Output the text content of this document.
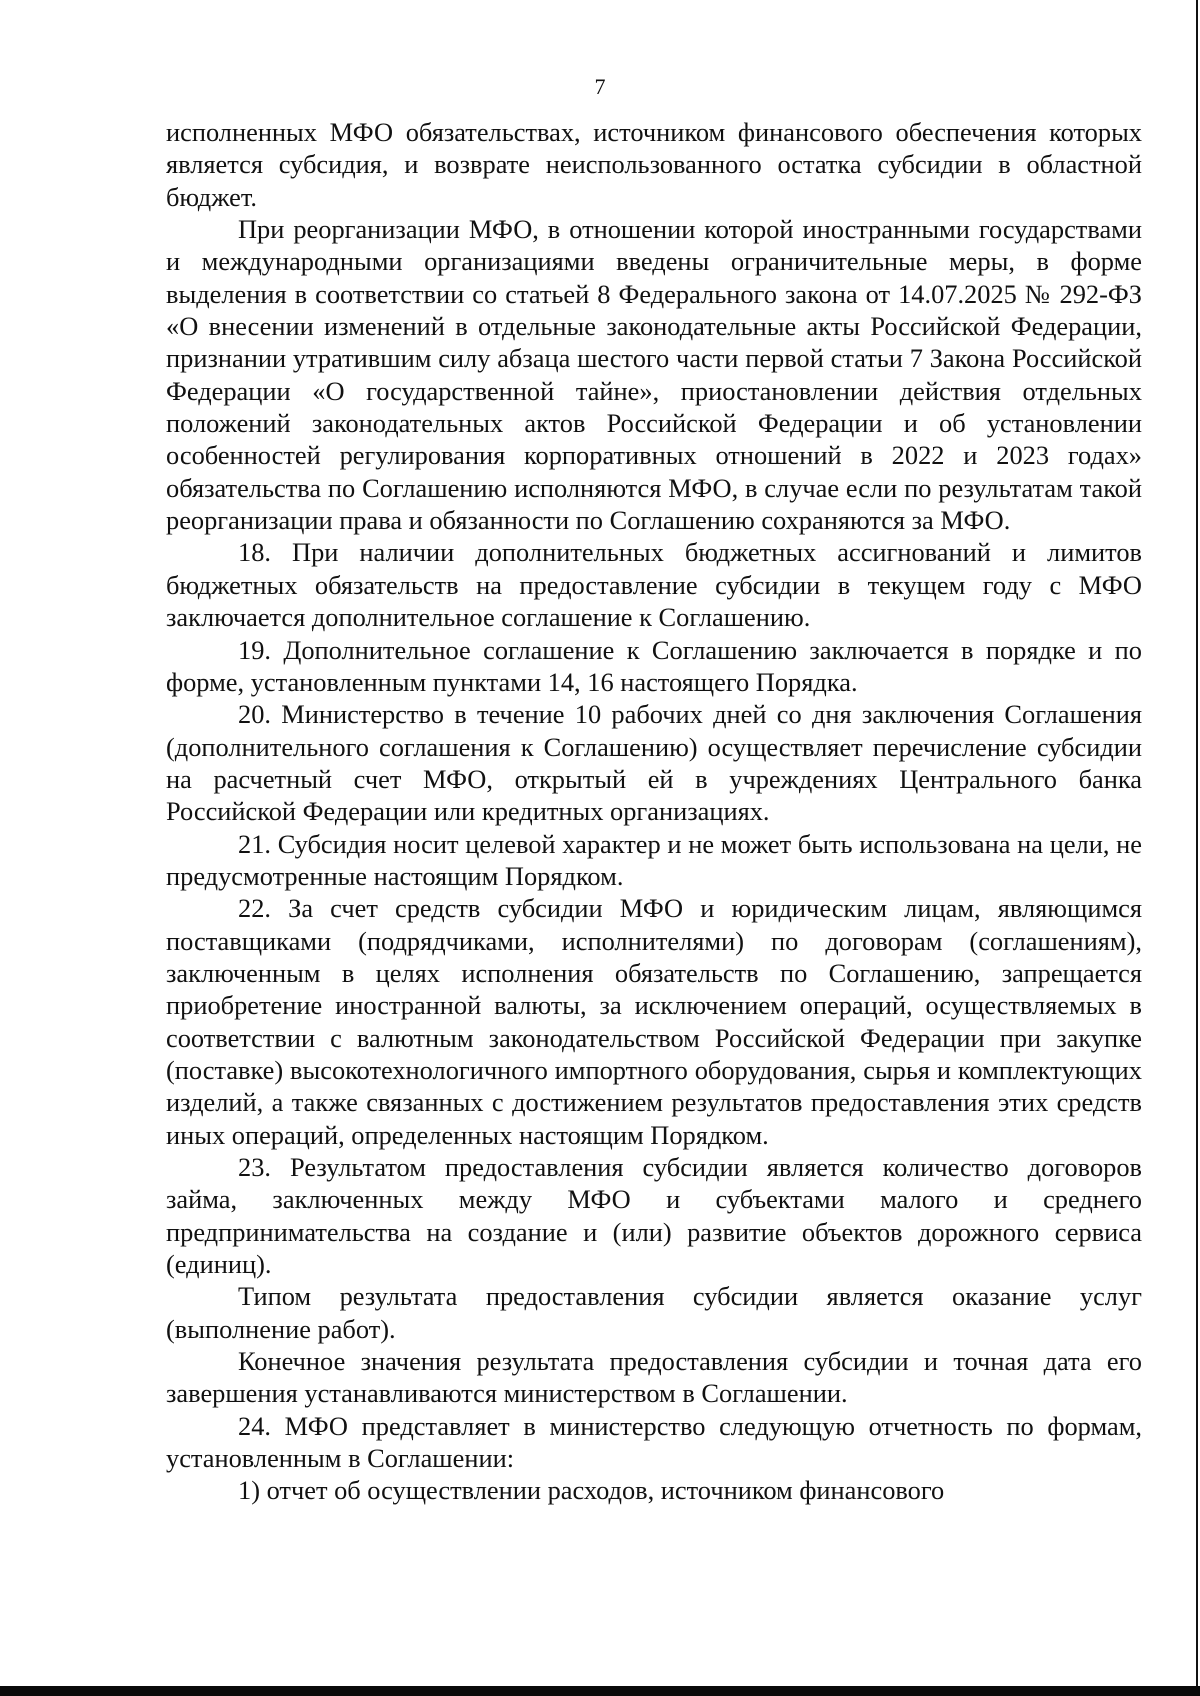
7

исполненных МФО обязательствах, источником финансового обеспечения которых является субсидия, и возврате неиспользованного остатка субсидии в областной бюджет.

При реорганизации МФО, в отношении которой иностранными государствами и международными организациями введены ограничительные меры, в форме выделения в соответствии со статьей 8 Федерального закона от 14.07.2025 № 292-ФЗ «О внесении изменений в отдельные законодательные акты Российской Федерации, признании утратившим силу абзаца шестого части первой статьи 7 Закона Российской Федерации «О государственной тайне», приостановлении действия отдельных положений законодательных актов Российской Федерации и об установлении особенностей регулирования корпоративных отношений в 2022 и 2023 годах» обязательства по Соглашению исполняются МФО, в случае если по результатам такой реорганизации права и обязанности по Соглашению сохраняются за МФО.

18. При наличии дополнительных бюджетных ассигнований и лимитов бюджетных обязательств на предоставление субсидии в текущем году с МФО заключается дополнительное соглашение к Соглашению.

19. Дополнительное соглашение к Соглашению заключается в порядке и по форме, установленным пунктами 14, 16 настоящего Порядка.

20. Министерство в течение 10 рабочих дней со дня заключения Соглашения (дополнительного соглашения к Соглашению) осуществляет перечисление субсидии на расчетный счет МФО, открытый ей в учреждениях Центрального банка Российской Федерации или кредитных организациях.

21. Субсидия носит целевой характер и не может быть использована на цели, не предусмотренные настоящим Порядком.

22. За счет средств субсидии МФО и юридическим лицам, являющимся поставщиками (подрядчиками, исполнителями) по договорам (соглашениям), заключенным в целях исполнения обязательств по Соглашению, запрещается приобретение иностранной валюты, за исключением операций, осуществляемых в соответствии с валютным законодательством Российской Федерации при закупке (поставке) высокотехнологичного импортного оборудования, сырья и комплектующих изделий, а также связанных с достижением результатов предоставления этих средств иных операций, определенных настоящим Порядком.

23. Результатом предоставления субсидии является количество договоров займа, заключенных между МФО и субъектами малого и среднего предпринимательства на создание и (или) развитие объектов дорожного сервиса (единиц).

Типом результата предоставления субсидии является оказание услуг (выполнение работ).

Конечное значения результата предоставления субсидии и точная дата его завершения устанавливаются министерством в Соглашении.

24. МФО представляет в министерство следующую отчетность по формам, установленным в Соглашении:

1) отчет об осуществлении расходов, источником финансового
